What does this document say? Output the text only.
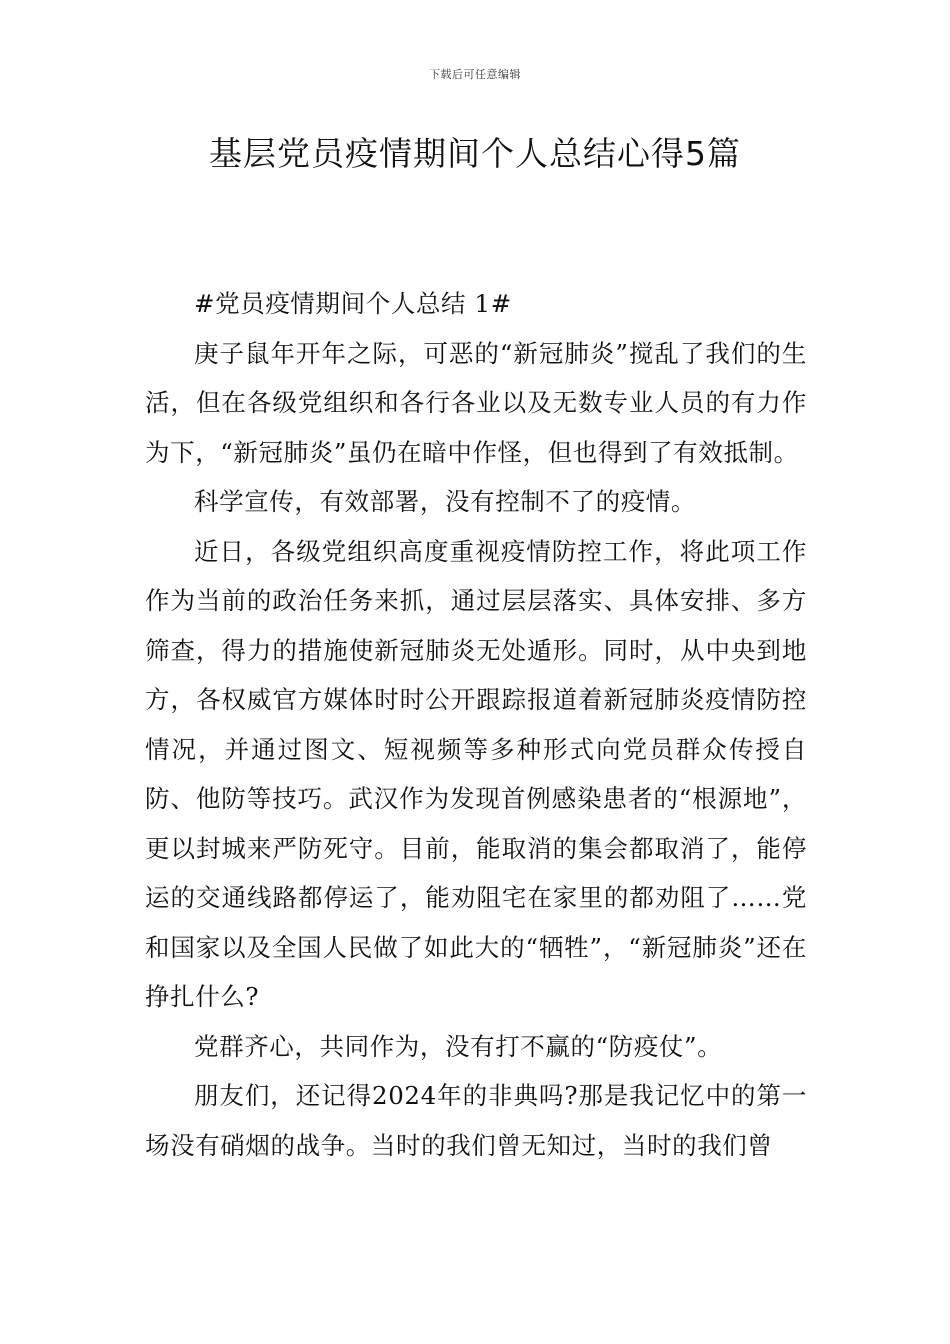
下载后可任意编辑
基层党员疫情期间个人总结心得5篇

#党员疫情期间个人总结 1#

庚子鼠年开年之际，可恶的“新冠肺炎”搅乱了我们的生活，但在各级党组织和各行各业以及无数专业人员的有力作为下，“新冠肺炎”虽仍在暗中作怪，但也得到了有效抵制。

科学宣传，有效部署，没有控制不了的疫情。

近日，各级党组织高度重视疫情防控工作，将此项工作作为当前的政治任务来抓，通过层层落实、具体安排、多方筛查，得力的措施使新冠肺炎无处遁形。同时，从中央到地方，各权威官方媒体时时公开跟踪报道着新冠肺炎疫情防控情况，并通过图文、短视频等多种形式向党员群众传授自防、他防等技巧。武汉作为发现首例感染患者的“根源地”，更以封城来严防死守。目前，能取消的集会都取消了，能停运的交通线路都停运了，能劝阻宅在家里的都劝阻了……党和国家以及全国人民做了如此大的“牺牲”，“新冠肺炎”还在挣扎什么?

党群齐心，共同作为，没有打不赢的“防疫仗”。

朋友们，还记得2024年的非典吗?那是我记忆中的第一场没有硝烟的战争。当时的我们曾无知过，当时的我们曾
